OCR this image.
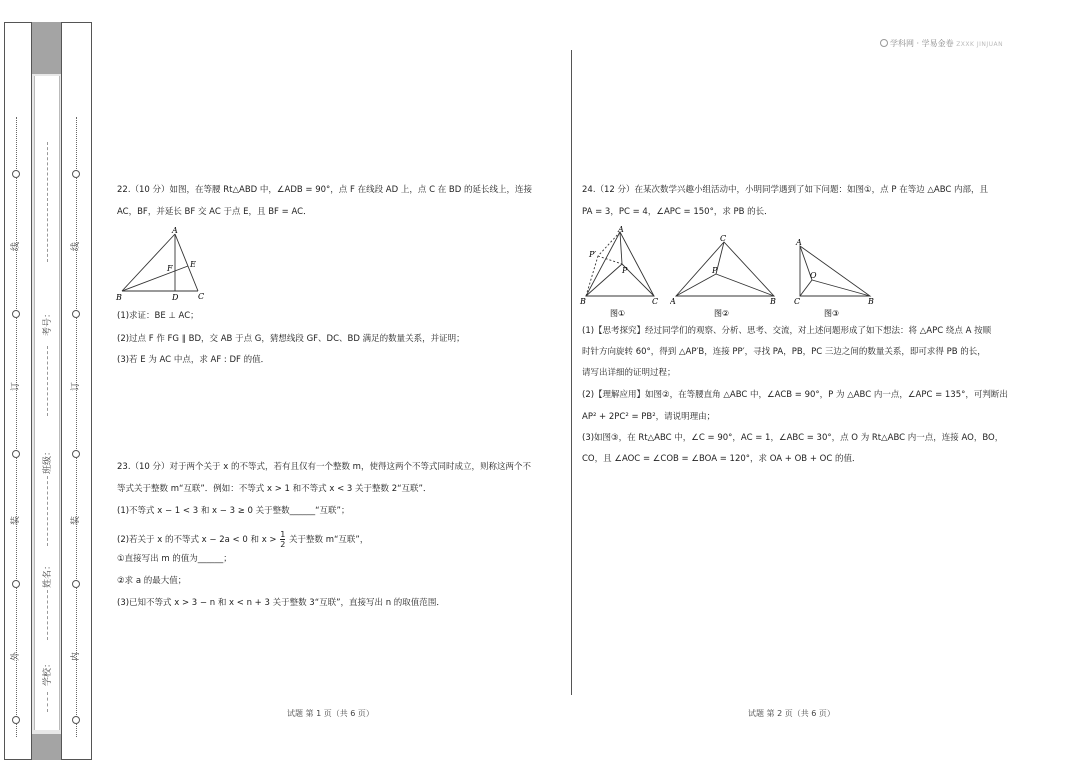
线
订
装
外
考号：
班级：
姓名：
学校：
线
订
装
内
学科网 · 学易金卷 ZXXK JINJUAN
22.（10 分）如图，在等腰 Rt△ABD 中，∠ADB = 90°，点 F 在线段 AD 上，点 C 在 BD 的延长线上，连接
AC，BF，并延长 BF 交 AC 于点 E，且 BF = AC．
A
B	D C
E
F
(1)求证：BE ⊥ AC；
(2)过点 F 作 FG ∥ BD，交 AB 于点 G，猜想线段 GF、DC、BD 满足的数量关系，并证明；
(3)若 E 为 AC 中点，求 AF : DF 的值．
23.（10 分）对于两个关于 x 的不等式，若有且仅有一个整数 m，使得这两个不等式同时成立，则称这两个不
等式关于整数 m“互联”．例如：不等式 x > 1 和不等式 x < 3 关于整数 2“互联”．
(1)不等式 x − 1 < 3 和 x − 3 ≥ 0 关于整数______“互联”；
(2)若关于 x 的不等式 x − 2a < 0 和 $x > \frac{1}{2}$ 关于整数 m“互联”，
①直接写出 m 的值为______；
②求 a 的最大值；
(3)已知不等式 x > 3 − n 和 x < n + 3 关于整数 3“互联”，直接写出 n 的取值范围．
试题 第 1 页（共 6 页）
24.（12 分）在某次数学兴趣小组活动中，小明同学遇到了如下问题：如图①，点 P 在等边 △ABC 内部，且
PA = 3，PC = 4，∠APC = 150°，求 PB 的长．
A
B	C
P
P′
图①
C
A	B
P
图②
A
C	B
O
图③
(1)【思考探究】经过同学们的观察、分析、思考、交流，对上述问题形成了如下想法：将 △APC 绕点 A 按顺
时针方向旋转 60°，得到 △AP′B，连接 PP′，寻找 PA，PB，PC 三边之间的数量关系，即可求得 PB 的长，
请写出详细的证明过程；
(2)【理解应用】如图②，在等腰直角 △ABC 中，∠ACB = 90°，P 为 △ABC 内一点，∠APC = 135°，可判断出
AP² + 2PC² = PB²，请说明理由；
(3)如图③，在 Rt△ABC 中，∠C = 90°，AC = 1，∠ABC = 30°，点 O 为 Rt△ABC 内一点，连接 AO，BO，
CO，且 ∠AOC = ∠COB = ∠BOA = 120°，求 OA + OB + OC 的值．
试题 第 2 页（共 6 页）
